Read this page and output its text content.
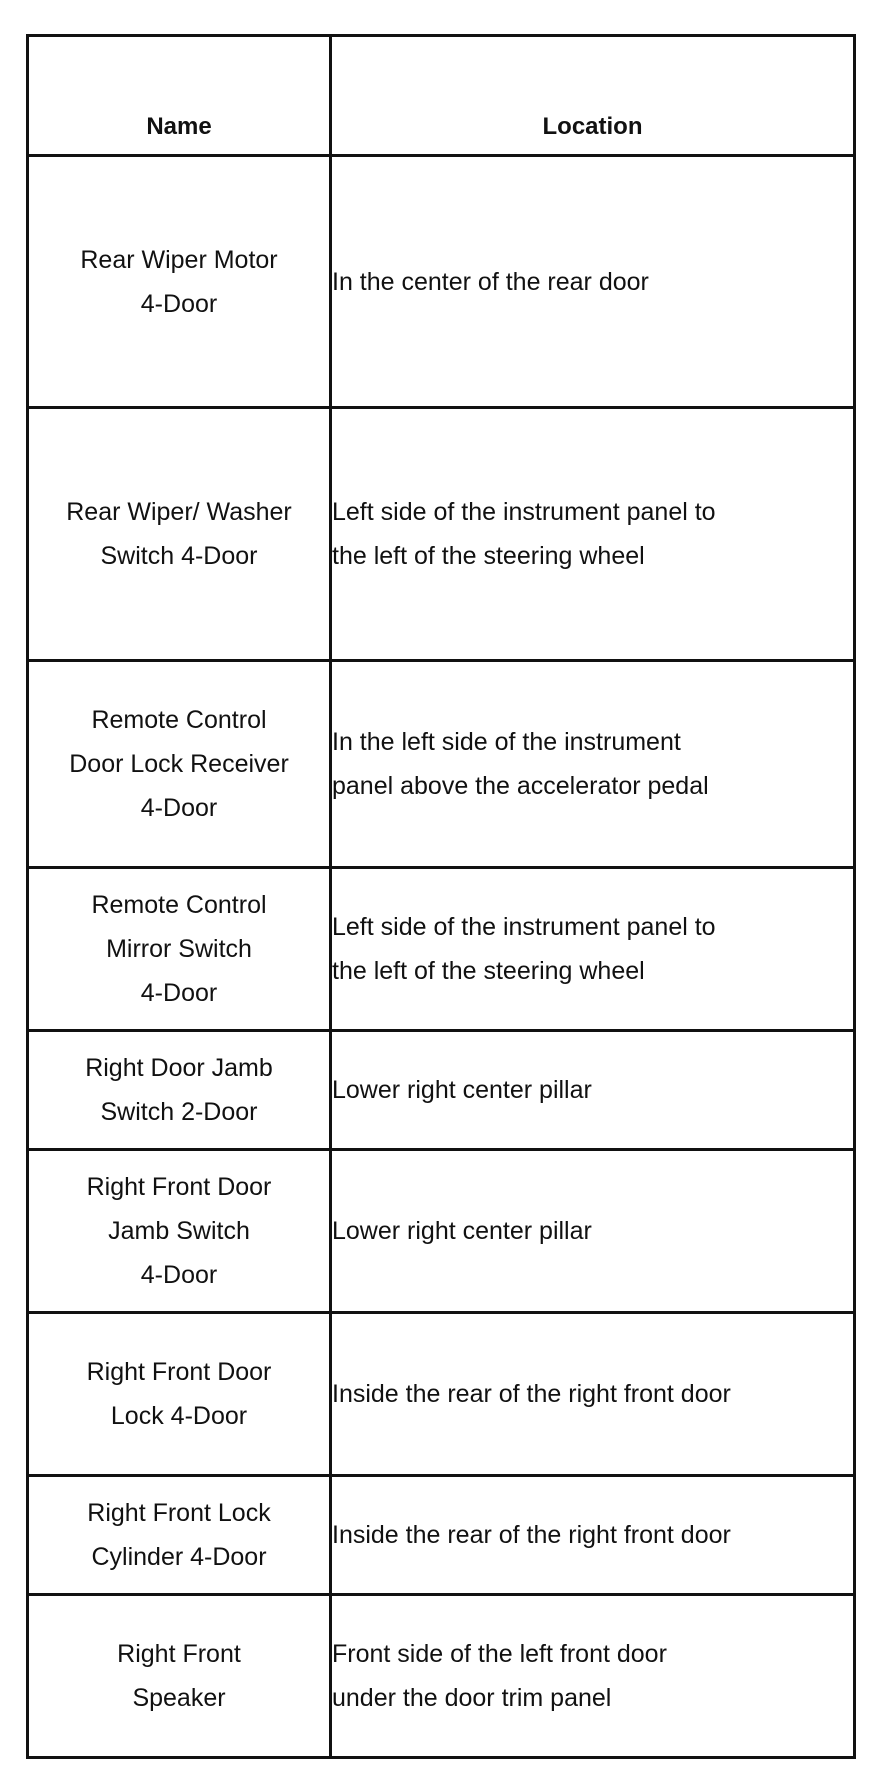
Name	Location

Rear Wiper Motor
4-Door	In the center of the rear door

Rear Wiper/ Washer
Switch 4-Door	Left side of the instrument panel to
the left of the steering wheel

Remote Control
Door Lock Receiver
4-Door	In the left side of the instrument
panel above the accelerator pedal

Remote Control
Mirror Switch
4-Door	Left side of the instrument panel to
the left of the steering wheel

Right Door Jamb
Switch 2-Door	Lower right center pillar

Right Front Door
Jamb Switch
4-Door	Lower right center pillar

Right Front Door
Lock 4-Door	Inside the rear of the right front door

Right Front Lock
Cylinder 4-Door	Inside the rear of the right front door

Right Front
Speaker	Front side of the left front door
under the door trim panel
